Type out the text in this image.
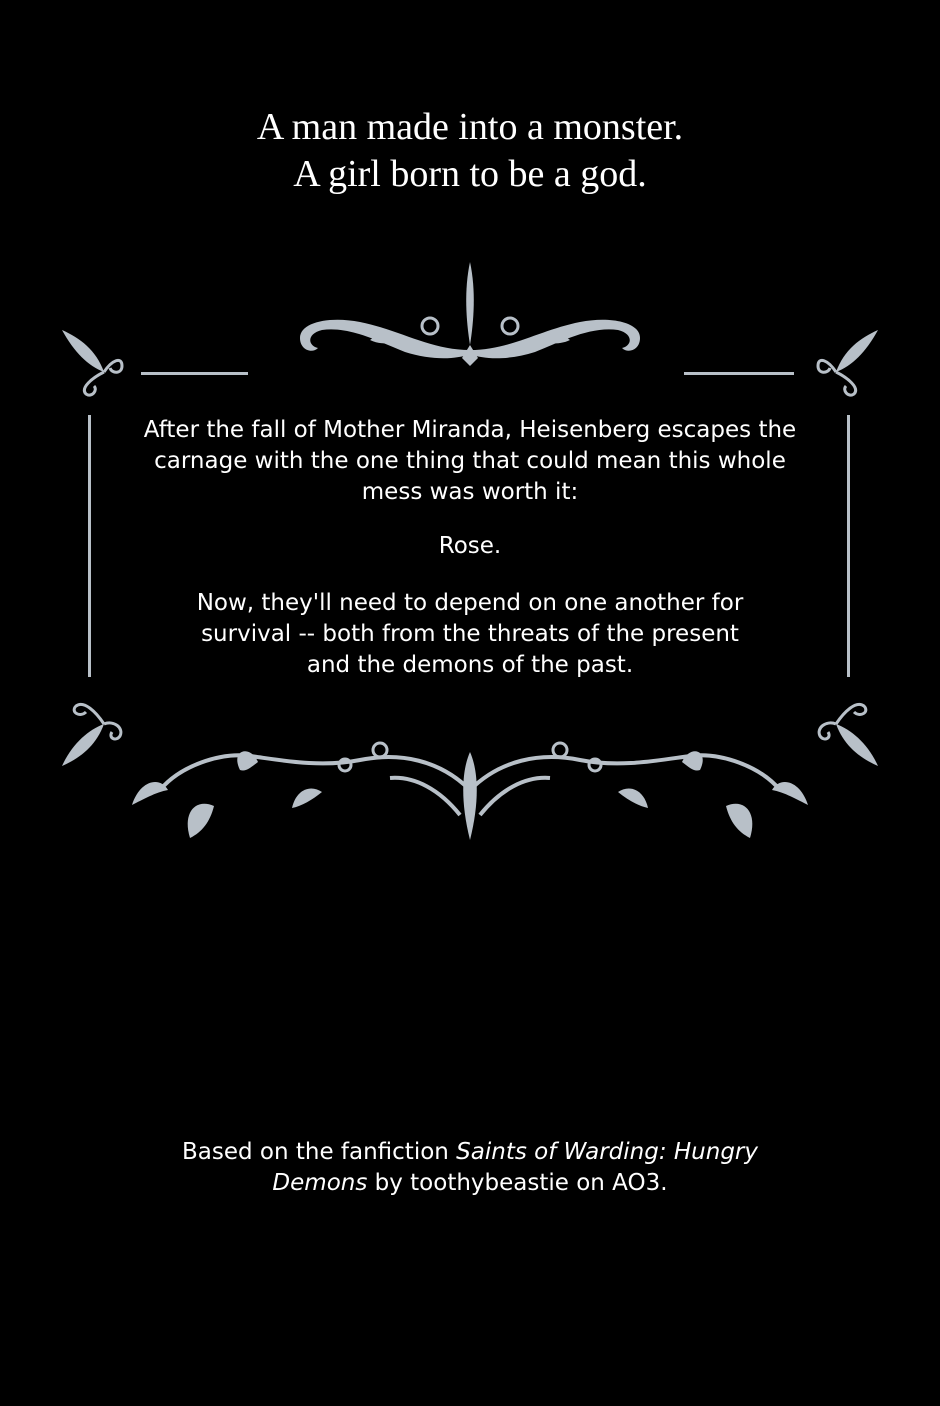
A man made into a monster.
A girl born to be a god.

After the fall of Mother Miranda, Heisenberg escapes the

carnage with the one thing that could mean this whole

mess was worth it:

Rose.

Now, they'll need to depend on one another for

survival -- both from the threats of the present

and the demons of the past.

Based on the fanfiction Saints of Warding: Hungry
Demons by toothybeastie on AO3.
